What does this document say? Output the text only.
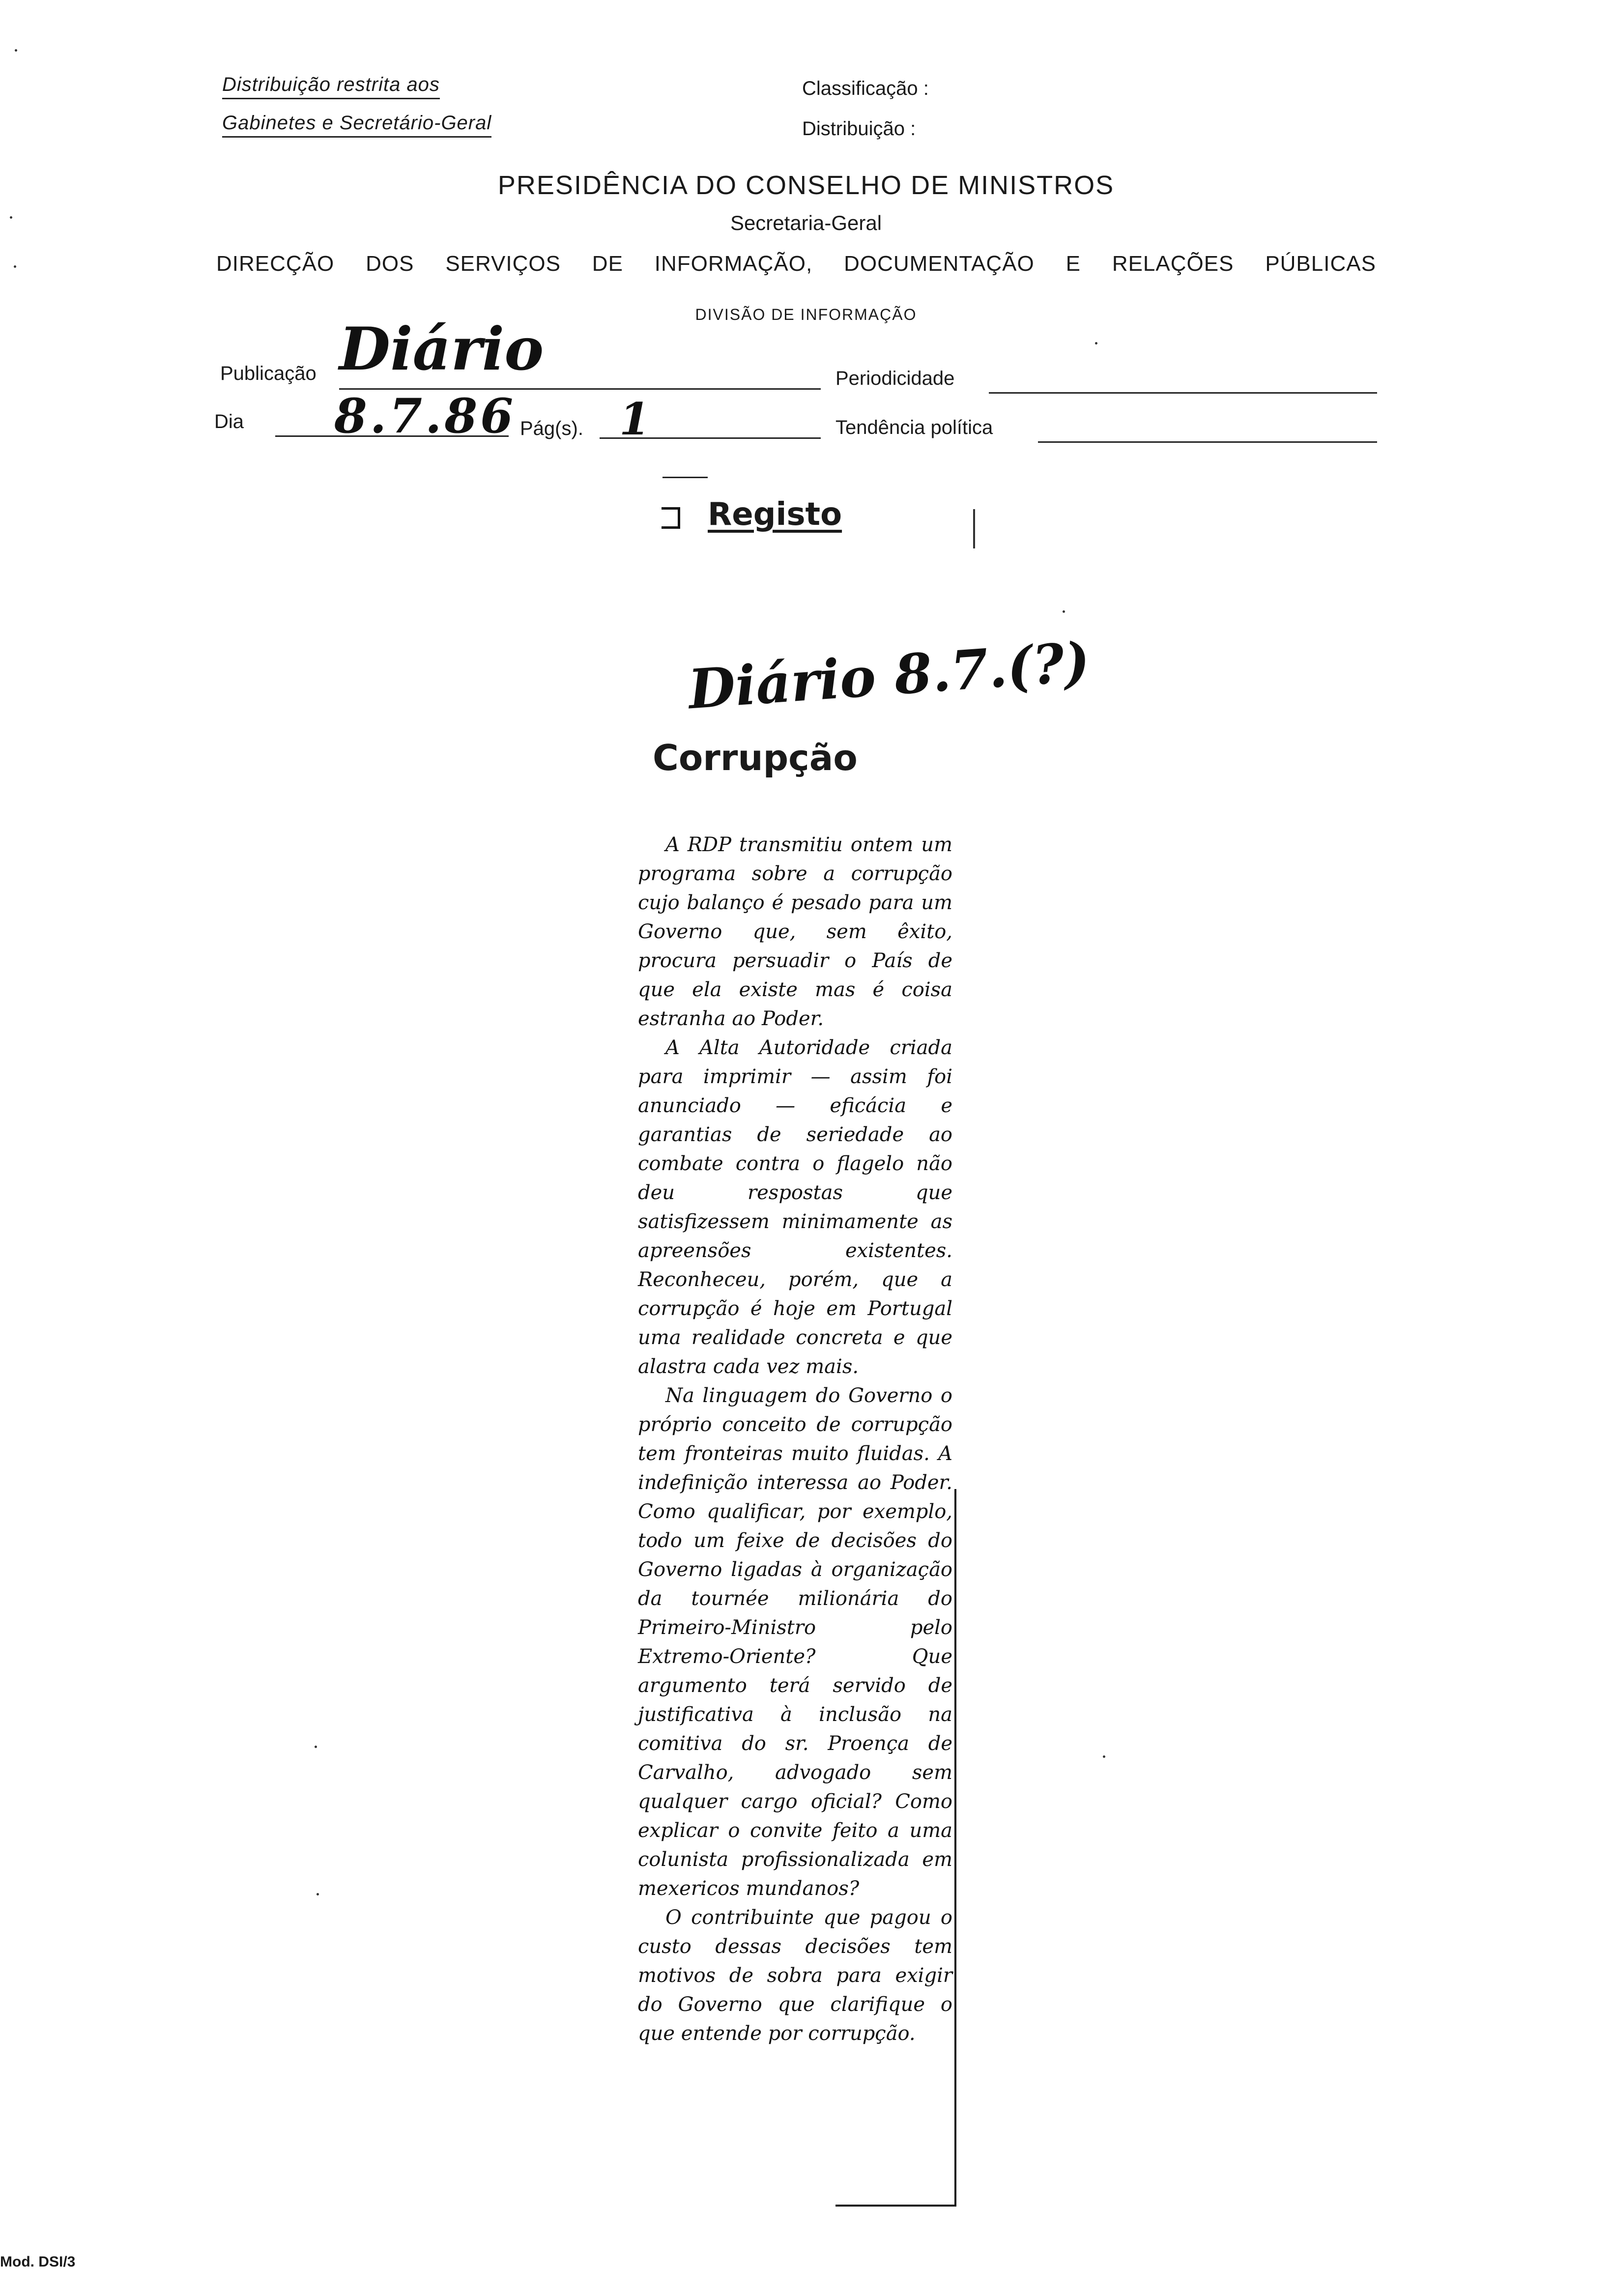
Distribuição restrita aos
Gabinetes e Secretário-Geral
Classificação :
Distribuição :
PRESIDÊNCIA DO CONSELHO DE MINISTROS
Secretaria-Geral
DIRECÇÃO DOS SERVIÇOS DE INFORMAÇÃO, DOCUMENTAÇÃO E RELAÇÕES PÚBLICAS
DIVISÃO DE INFORMAÇÃO
Publicação Diário	Periodicidade
Dia 8.7.86 Pág(s). 1	Tendência política
Registo
Diário 8.7.(?)
Corrupção

A RDP transmitiu ontem um programa sobre a corrupção cujo balanço é pesado para um Governo que, sem êxito, procura persuadir o País de que ela existe mas é coisa estranha ao Poder.

A Alta Autoridade criada para imprimir — assim foi anunciado — eficácia e garantias de seriedade ao combate contra o flagelo não deu respostas que satisfizessem minimamente as apreensões existentes. Reconheceu, porém, que a corrupção é hoje em Portugal uma realidade concreta e que alastra cada vez mais.

Na linguagem do Governo o próprio conceito de corrupção tem fronteiras muito fluidas. A indefinição interessa ao Poder. Como qualificar, por exemplo, todo um feixe de decisões do Governo ligadas à organização da tournée milionária do Primeiro-Ministro pelo Extremo-Oriente? Que argumento terá servido de justificativa à inclusão na comitiva do sr. Proença de Carvalho, advogado sem qualquer cargo oficial? Como explicar o convite feito a uma colunista profissionalizada em mexericos mundanos?

O contribuinte que pagou o custo dessas decisões tem motivos de sobra para exigir do Governo que clarifique o que entende por corrupção.

Mod. DSI/3
